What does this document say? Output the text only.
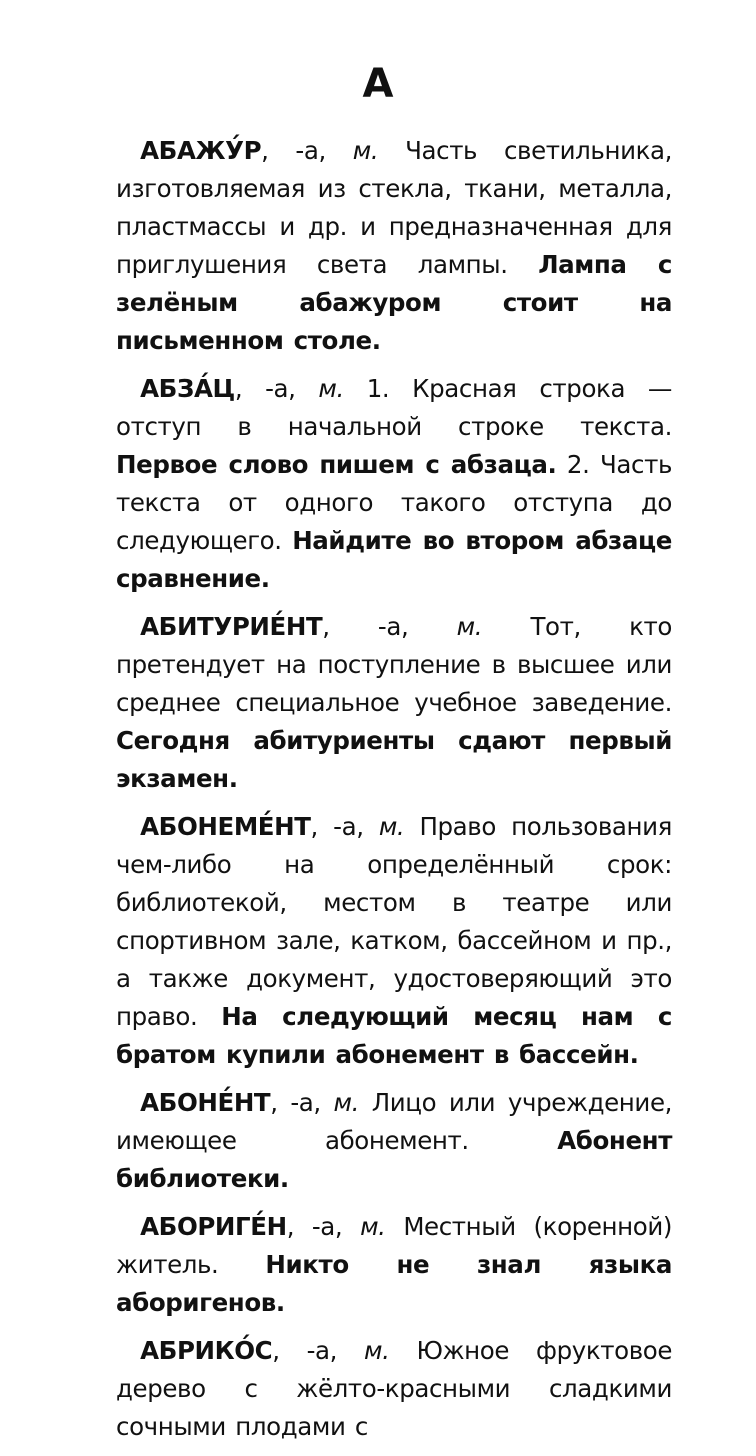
А

 АБАЖУ́Р, -а, м. Часть светильника, изготовляемая из стекла, ткани, металла, пластмассы и др. и предназначенная для приглушения света лампы. Лампа с зелёным абажуром стоит на письменном столе.

 АБЗА́Ц, -а, м. 1. Красная строка — отступ в начальной строке текста. Первое слово пишем с абзаца. 2. Часть текста от одного такого отступа до следующего. Найдите во втором абзаце сравнение.

 АБИТУРИЕ́НТ, -а, м. Тот, кто претендует на поступление в высшее или среднее специальное учебное заведение. Сегодня абитуриенты сдают первый экзамен.

 АБОНЕМЕ́НТ, -а, м. Право пользования чем-либо на определённый срок: библиотекой, местом в театре или спортивном зале, катком, бассейном и пр., а также документ, удостоверяющий это право. На следующий месяц нам с братом купили абонемент в бассейн.

 АБОНЕ́НТ, -а, м. Лицо или учреждение, имеющее абонемент. Абонент библиотеки.

 АБОРИГЕ́Н, -а, м. Местный (коренной) житель. Никто не знал языка аборигенов.

 АБРИКО́С, -а, м. Южное фруктовое дерево с жёлто-красными сладкими сочными плодами с
